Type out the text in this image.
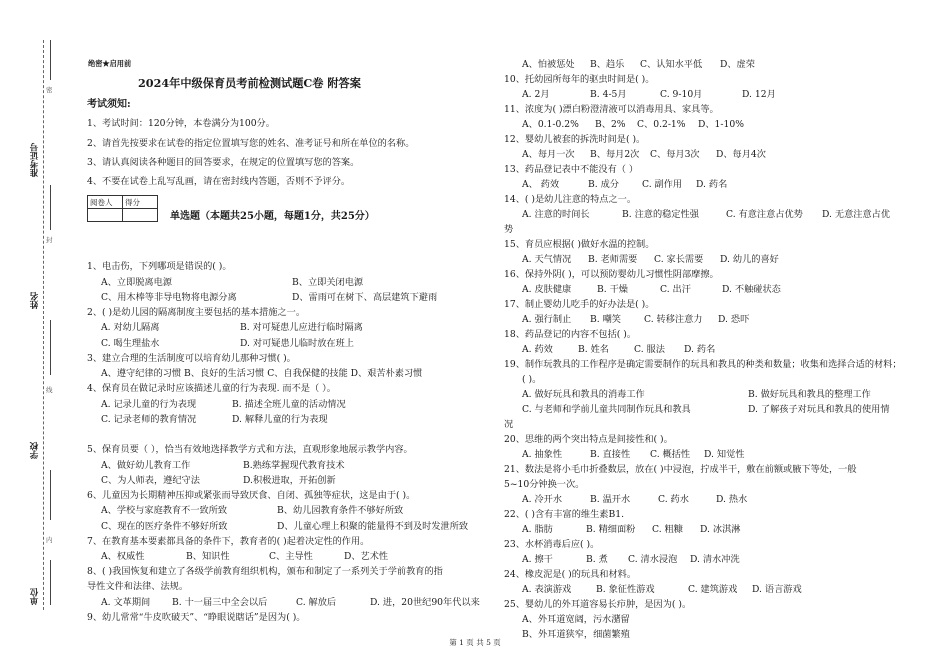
准考证号
姓名
学校
单位
密
封
线
内
绝密★启用前
2024年中级保育员考前检测试题C卷 附答案
考试须知:
1、考试时间：120分钟，本卷满分为100分。
2、请首先按要求在试卷的指定位置填写您的姓名、准考证号和所在单位的名称。
3、请认真阅读各种题目的回答要求，在规定的位置填写您的答案。
4、不要在试卷上乱写乱画，请在密封线内答题，否则不予评分。
阅卷人	得分

单选题（本题共25小题，每题1分，共25分）
1、电击伤，下列哪项是错误的( )。
A、立即脱离电源	B、立即关闭电源
C、用木棒等非导电物将电源分离	D、雷雨可在树下、高层建筑下避雨
2、( )是幼儿园的隔离制度主要包括的基本措施之一。
A. 对幼儿隔离	B. 对可疑患儿应进行临时隔离
C. 喝生理盐水	D. 对可疑患儿临时放在班上
3、建立合理的生活制度可以培育幼儿那种习惯( )。
A、遵守纪律的习惯 B、良好的生活习惯 C、自我保健的技能 D、艰苦朴素习惯
4、保育员在做记录时应该描述儿童的行为表现. 而不是（ ）。
A. 记录儿童的行为表现	B. 描述全班儿童的活动情况
C. 记录老师的教育情况	D. 解释儿童的行为表现
5、保育员要（ ），恰当有效地选择教学方式和方法，直观形象地展示教学内容。
A、做好幼儿教育工作	B.熟练掌握现代教育技术
C、为人师表，遵纪守法	D.积极进取，开拓创新
6、儿童因为长期精神压抑或紧张而导致厌食、自闭、孤独等症状，这是由于( )。
A、学校与家庭教育不一致所致	B、幼儿园教育条件不够好所致
C、现在的医疗条件不够好所致	D、儿童心理上积聚的能量得不到及时发泄所致
7、在教育基本要素都具备的条件下，教育者的( )起着决定性的作用。
A、权威性	B、知识性	C、主导性	D、艺术性
8、( )我国恢复和建立了各级学前教育组织机构，颁布和制定了一系列关于学前教育的指
导性文件和法律、法规。
A. 文革期间 B. 十一届三中全会以后	C. 解放后	D. 进，20世纪90年代以来
9、幼儿常常“牛皮吹破天”、“睁眼说瞎话”是因为( )。
A、怕被惩处 B、趋乐 C、认知水平低 D、虚荣
10、托幼园所每年的驱虫时间是( )。
A. 2月	B. 4-5月	C. 9-10月	D. 12月
11、浓度为( )漂白粉澄清液可以消毒用具、家具等。
A、0.1-0.2% B、2% C、0.2-1% D、1-10%
12、婴幼儿被套的拆洗时间是( )。
A、每月一次 B、每月2次 C、每月3次 D、每月4次
13、药品登记表中不能没有（ ）
A、 药效	B. 成分	C. 副作用 D. 药名
14、( )是幼儿注意的特点之一。
A. 注意的时间长	B. 注意的稳定性强	C. 有意注意占优势 D. 无意注意占优
势
15、育员应根据( )做好水温的控制。
A. 天气情况 B. 老师需要 C. 家长需要 D. 幼儿的喜好
16、保持外阴( )，可以预防婴幼儿习惯性阴部摩擦。
A. 皮肤健康	B. 干燥	C. 出汗	D. 不触碰状态
17、制止婴幼儿吃手的好办法是( )。
A. 强行制止 B. 嘲笑	C. 转移注意力 D. 恐吓
18、药品登记的内容不包括( )。
A. 药效	B. 姓名	C. 服法 D. 药名
19、制作玩教具的工作程序是确定需要制作的玩具和教具的种类和数量；收集和选择合适的材料；
( )。
A. 做好玩具和教具的消毒工作	B. 做好玩具和教具的整理工作
C. 与老师和学前儿童共同制作玩具和教具	D. 了解孩子对玩具和教具的使用情
况
20、思维的两个突出特点是间接性和( )。
A. 抽象性	B. 直接性 C. 概括性 D. 知觉性
21、数法是将小毛巾折叠数层，放在( )中浸泡，拧成半干，敷在前额或腋下等处，一般
5~10分钟换一次。
A. 冷开水	B. 温开水	C. 药水	D. 热水
22、( )含有丰富的维生素B1.
A. 脂肪	B. 精细面粉 C. 粗糠 D. 冰淇淋
23、水杯消毒后应( )。
A. 擦干	B. 煮 C. 清水浸泡 D. 清水冲洗
24、橡皮泥是( )的玩具和材料。
A. 表演游戏	B. 象征性游戏	C. 建筑游戏 D. 语言游戏
25、婴幼儿的外耳道容易长疖肿，是因为( )。
A、外耳道宽阔，污水潴留
B、外耳道狭窄，细菌繁殖
第 1 页 共 5 页
